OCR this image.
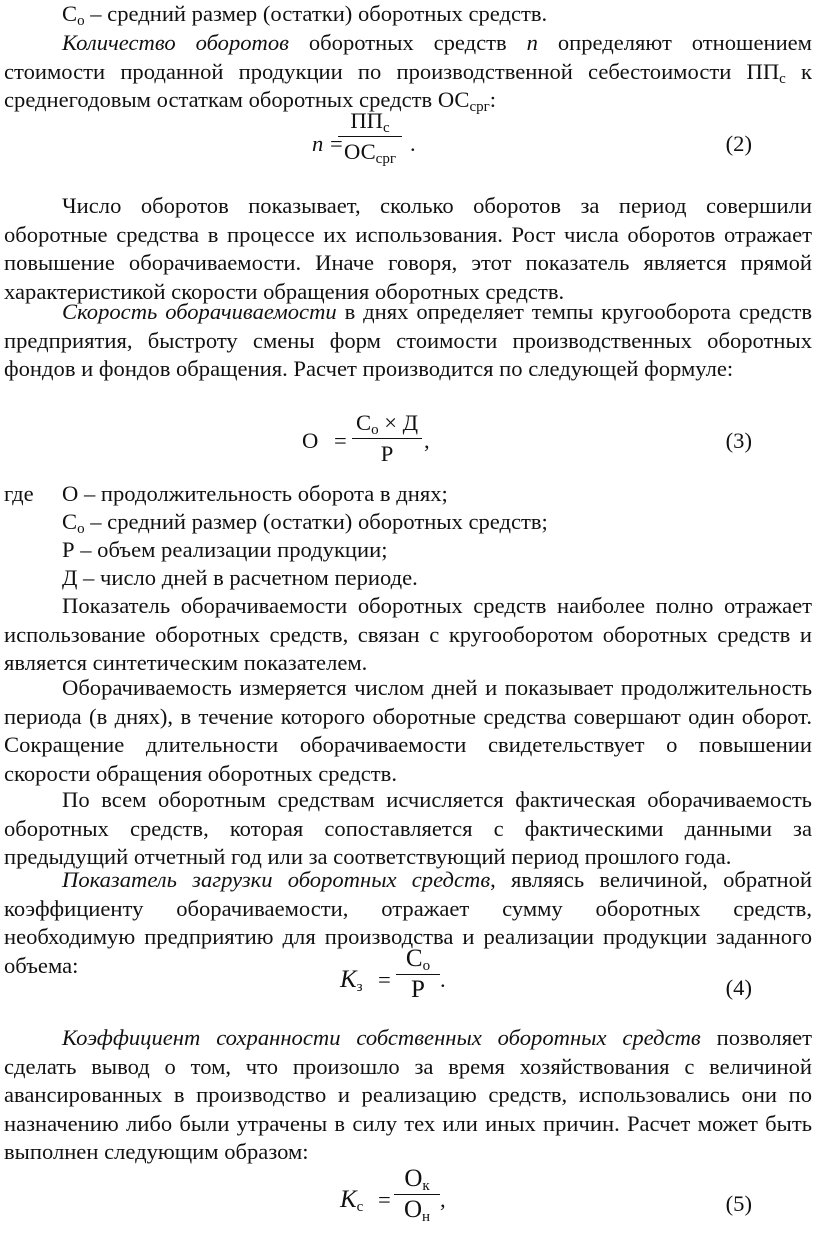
$С_о$ – средний размер (остатки) оборотных средств.
Количество оборотов оборотных средств n определяют отношением стоимости проданной продукции по производственной себестоимости $ПП_с$ к среднегодовым остаткам оборотных средств $ОС_{срг}$:
n =
$ПП_с$
$ОС_{срг}$
.	(2)
Число оборотов показывает, сколько оборотов за период совершили оборотные средства в процессе их использования. Рост числа оборотов отражает повышение оборачиваемости. Иначе говоря, этот показатель является прямой характеристикой скорости обращения оборотных средств.
Скорость оборачиваемости в днях определяет темпы кругооборота средств предприятия, быстроту смены форм стоимости производственных оборотных фондов и фондов обращения. Расчет производится по следующей формуле:
О =
$С_о \times Д$
Р
,	(3)
где О – продолжительность оборота в днях;
$С_о$ – средний размер (остатки) оборотных средств;
Р – объем реализации продукции;
Д – число дней в расчетном периоде.
Показатель оборачиваемости оборотных средств наиболее полно отражает использование оборотных средств, связан с кругооборотом оборотных средств и является синтетическим показателем.
Оборачиваемость измеряется числом дней и показывает продолжительность периода (в днях), в течение которого оборотные средства совершают один оборот. Сокращение длительности оборачиваемости свидетельствует о повышении скорости обращения оборотных средств.
По всем оборотным средствам исчисляется фактическая оборачиваемость оборотных средств, которая сопоставляется с фактическими данными за предыдущий отчетный год или за соответствующий период прошлого года.
Показатель загрузки оборотных средств, являясь величиной, обратной коэффициенту оборачиваемости, отражает сумму оборотных средств, необходимую предприятию для производства и реализации продукции заданного объема:
$К_з$ =
$С_о$
Р .	(4)
Коэффициент сохранности собственных оборотных средств позволяет сделать вывод о том, что произошло за время хозяйствования с величиной авансированных в производство и реализацию средств, использовались они по назначению либо были утрачены в силу тех или иных причин. Расчет может быть выполнен следующим образом:
$К_с$ =
$О_к$
$О_н$
,	(5)
